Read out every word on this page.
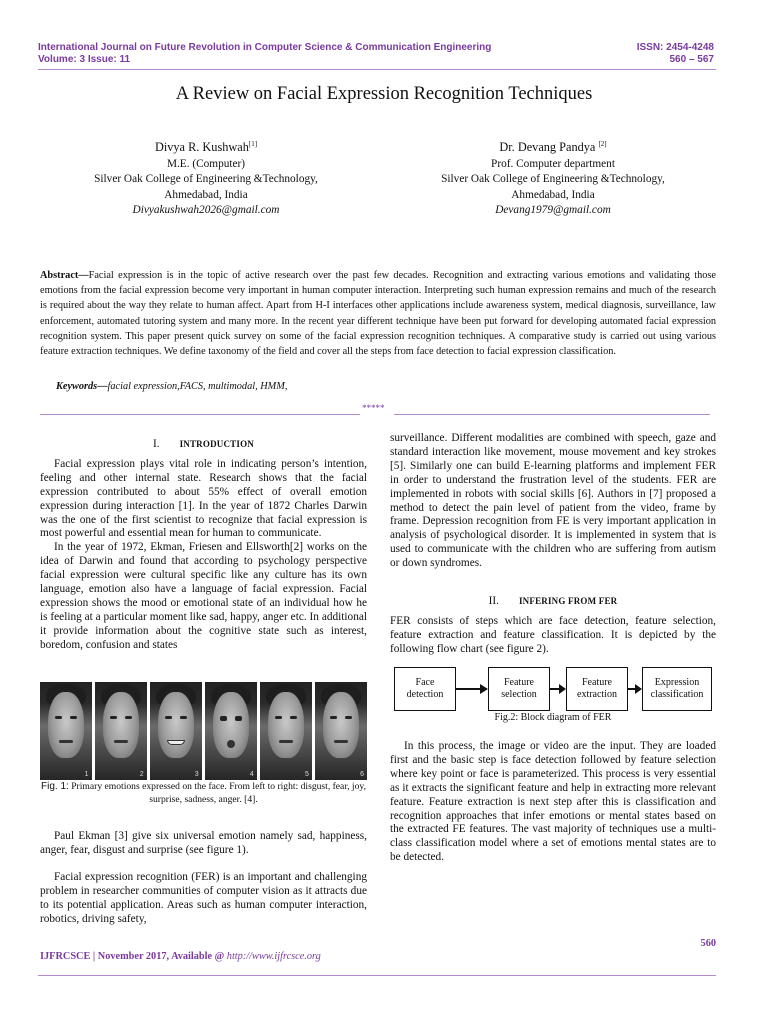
International Journal on Future Revolution in Computer Science & Communication Engineering
Volume: 3 Issue: 11
ISSN: 2454-4248
560 – 567
A Review on Facial Expression Recognition Techniques
Divya R. Kushwah[1]
M.E. (Computer)
Silver Oak College of Engineering &Technology,
Ahmedabad, India
Divyakushwah2026@gmail.com
Dr. Devang Pandya [2]
Prof. Computer department
Silver Oak College of Engineering &Technology,
Ahmedabad, India
Devang1979@gmail.com
Abstract—Facial expression is in the topic of active research over the past few decades. Recognition and extracting various emotions and validating those emotions from the facial expression become very important in human computer interaction. Interpreting such human expression remains and much of the research is required about the way they relate to human affect. Apart from H-I interfaces other applications include awareness system, medical diagnosis, surveillance, law enforcement, automated tutoring system and many more. In the recent year different technique have been put forward for developing automated facial expression recognition system. This paper present quick survey on some of the facial expression recognition techniques. A comparative study is carried out using various feature extraction techniques. We define taxonomy of the field and cover all the steps from face detection to facial expression classification.
Keywords—facial expression,FACS, multimodal, HMM,
*****
I. INTRODUCTION

Facial expression plays vital role in indicating person’s intention, feeling and other internal state. Research shows that the facial expression contributed to about 55% effect of overall emotion expression during interaction [1]. In the year of 1872 Charles Darwin was the one of the first scientist to recognize that facial expression is most powerful and essential mean for human to communicate.

In the year of 1972, Ekman, Friesen and Ellsworth[2] works on the idea of Darwin and found that according to psychology perspective facial expression were cultural specific like any culture has its own language, emotion also have a language of facial expression. Facial expression shows the mood or emotional state of an individual how he is feeling at a particular moment like sad, happy, anger etc. In additional it provide information about the cognitive state such as interest, boredom, confusion and states

1	2	3	4	5	6
Fig. 1: Primary emotions expressed on the face. From left to right: disgust, fear, joy, surprise, sadness, anger. [4].

Paul Ekman [3] give six universal emotion namely sad, happiness, anger, fear, disgust and surprise (see figure 1).

Facial expression recognition (FER) is an important and challenging problem in researcher communities of computer vision as it attracts due to its potential application. Areas such as human computer interaction, robotics, driving safety,

surveillance. Different modalities are combined with speech, gaze and standard interaction like movement, mouse movement and key strokes [5]. Similarly one can build E-learning platforms and implement FER in order to understand the frustration level of the students. FER are implemented in robots with social skills [6]. Authors in [7] proposed a method to detect the pain level of patient from the video, frame by frame. Depression recognition from FE is very important application in analysis of psychological disorder. It is implemented in system that is used to communicate with the children who are suffering from autism or down syndromes.

II. INFERING FROM FER

FER consists of steps which are face detection, feature selection, feature extraction and feature classification. It is depicted by the following flow chart (see figure 2).

Face
detection
Feature
selection
Feature
extraction
Expression
classification
Fig.2: Block diagram of FER

In this process, the image or video are the input. They are loaded first and the basic step is face detection followed by feature selection where key point or face is parameterized. This process is very essential as it extracts the significant feature and help in extracting more relevant feature. Feature extraction is next step after this is classification and recognition approaches that infer emotions or mental states based on the extracted FE features. The vast majority of techniques use a multi-class classification model where a set of emotions mental states are to be detected.

560
IJFRCSCE | November 2017, Available @ http://www.ijfrcsce.org
